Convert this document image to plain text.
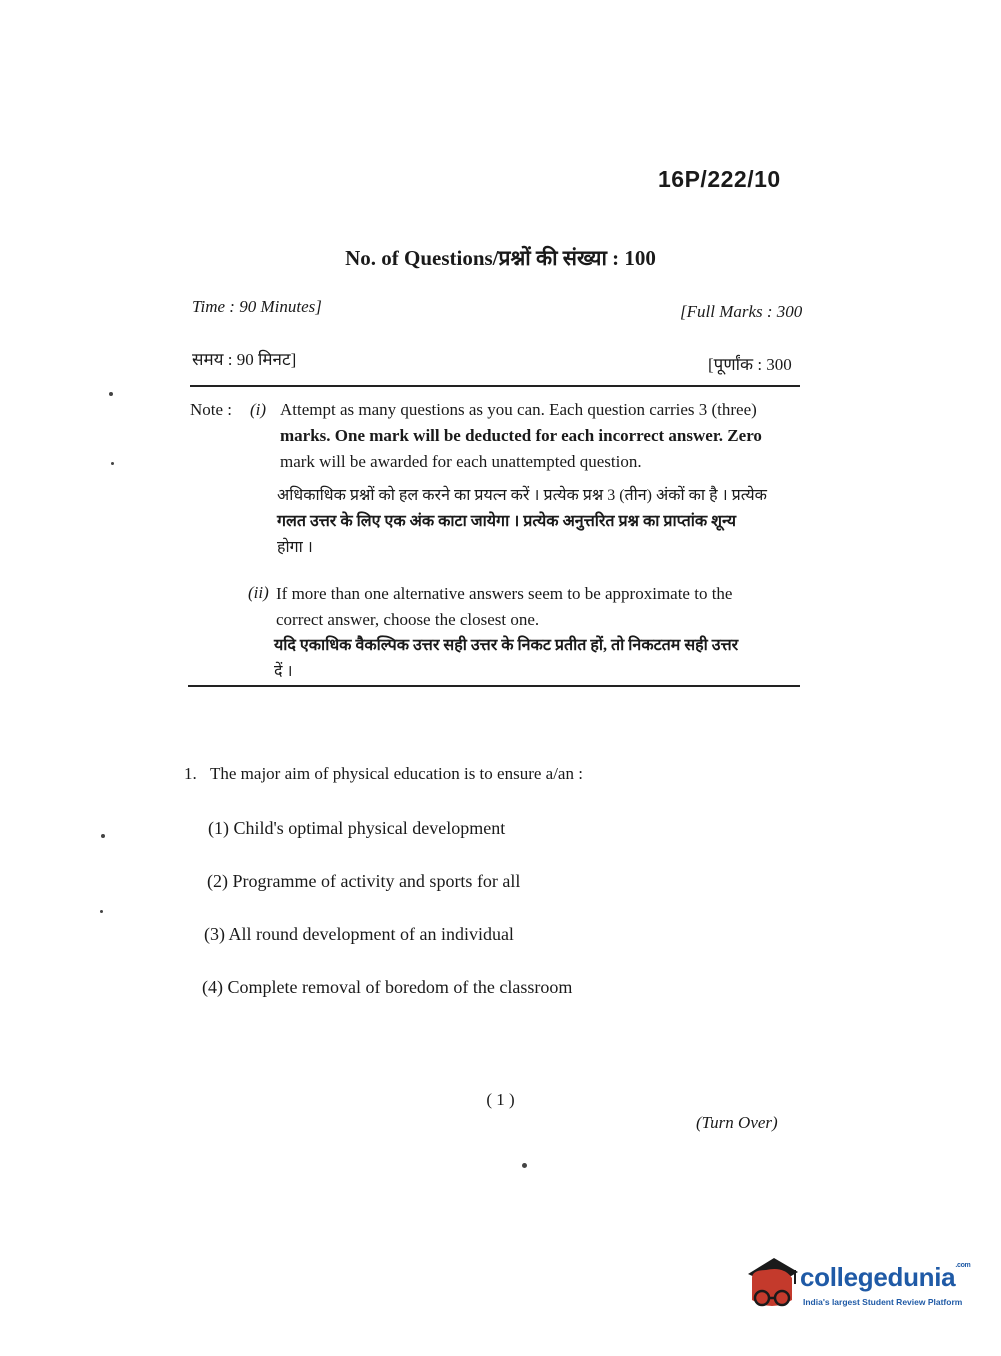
16P/222/10
No. of Questions/प्रश्नों की संख्या : 100
Time : 90 Minutes]	[Full Marks : 300
समय : 90 मिनट]	[पूर्णांक : 300
Note : (i) Attempt as many questions as you can. Each question carries 3 (three)
marks. One mark will be deducted for each incorrect answer. Zero
mark will be awarded for each unattempted question.
अधिकाधिक प्रश्नों को हल करने का प्रयत्न करें । प्रत्येक प्रश्न 3 (तीन) अंकों का है । प्रत्येक
गलत उत्तर के लिए एक अंक काटा जायेगा । प्रत्येक अनुत्तरित प्रश्न का प्राप्तांक शून्य
होगा ।
(ii) If more than one alternative answers seem to be approximate to the
correct answer, choose the closest one.
यदि एकाधिक वैकल्पिक उत्तर सही उत्तर के निकट प्रतीत हों, तो निकटतम सही उत्तर
दें ।
1. The major aim of physical education is to ensure a/an :
(1) Child's optimal physical development
(2) Programme of activity and sports for all
(3) All round development of an individual
(4) Complete removal of boredom of the classroom
( 1 )
(Turn Over)
collegedunia$^{.com}$
India's largest Student Review Platform
